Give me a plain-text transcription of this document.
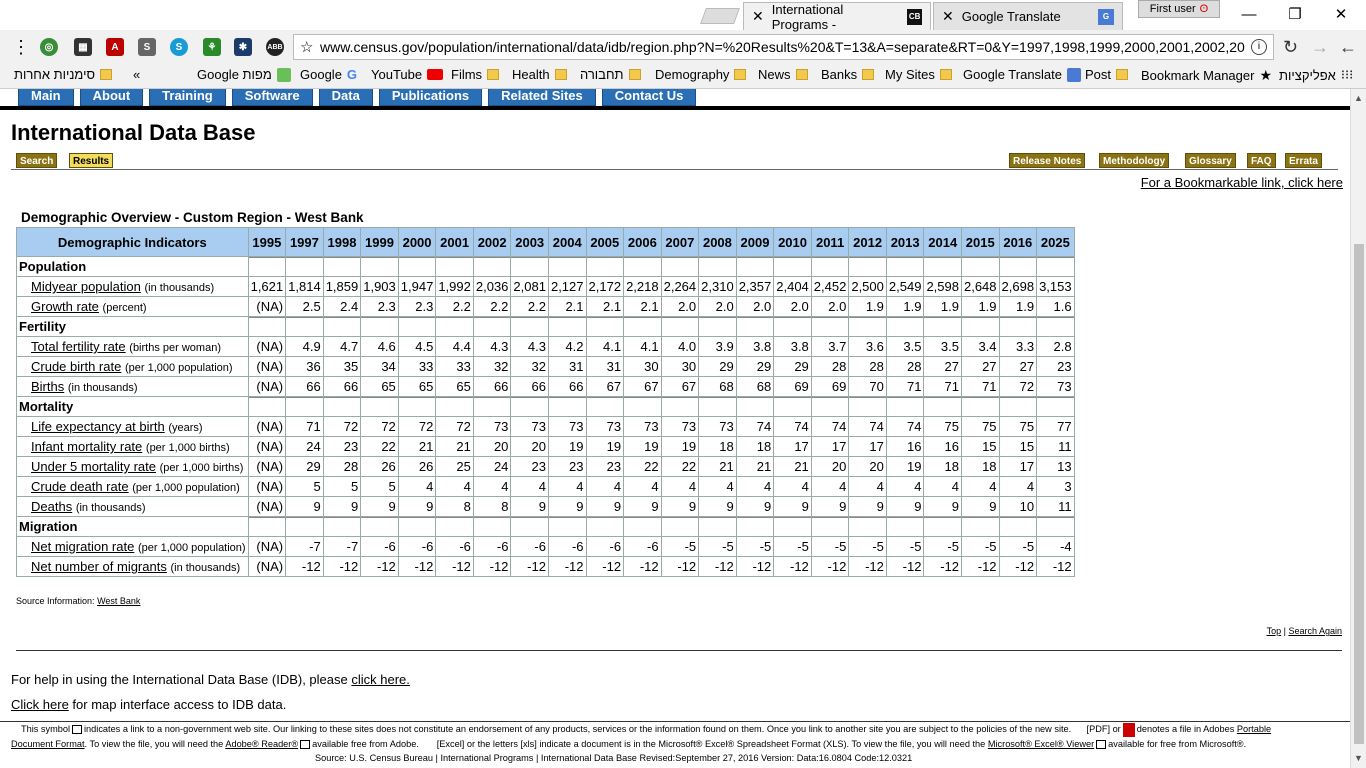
✕ International Programs -	CB ✕ Google Translate	G
First user ʘ	—	❐	✕
⋮	◎	▦	A	S	S	⚘	✱	ABB ☆ www.census.gov/population/international/data/idb/region.php?N=%20Results%20&T=13&A=separate&RT=0&Y=1997,1998,1999,2000,2001,2002,20	i	↻ → ←
סימניות אחרות	«	Google מפות Google G YouTube Films Health תחבורה Demography News Banks My Sites Google Translate Post Bookmark Manager ★ אפליקציות ⁝⁝⁝
Main	About	Training	Software	Data	Publications	Related Sites	Contact Us
International Data Base
Search	Results	Release Notes	Methodology	Glossary	FAQ	Errata
For a Bookmarkable link, click here
Demographic Overview - Custom Region - West Bank
Demographic Indicators	1995	1997	1998	1999	2000	2001	2002	2003	2004	2005	2006	2007	2008	2009	2010	2011	2012	2013	2014	2015	2016	2025
Population																						
Midyear population (in thousands)	1,621	1,814	1,859	1,903	1,947	1,992	2,036	2,081	2,127	2,172	2,218	2,264	2,310	2,357	2,404	2,452	2,500	2,549	2,598	2,648	2,698	3,153
Growth rate (percent)	(NA)	2.5	2.4	2.3	2.3	2.2	2.2	2.2	2.1	2.1	2.1	2.0	2.0	2.0	2.0	2.0	1.9	1.9	1.9	1.9	1.9	1.6
Fertility																						
Total fertility rate (births per woman)	(NA)	4.9	4.7	4.6	4.5	4.4	4.3	4.3	4.2	4.1	4.1	4.0	3.9	3.8	3.8	3.7	3.6	3.5	3.5	3.4	3.3	2.8
Crude birth rate (per 1,000 population)	(NA)	36	35	34	33	33	32	32	31	31	30	30	29	29	29	28	28	28	27	27	27	23
Births (in thousands)	(NA)	66	66	65	65	65	66	66	66	67	67	67	68	68	69	69	70	71	71	71	72	73
Mortality																						
Life expectancy at birth (years)	(NA)	71	72	72	72	72	73	73	73	73	73	73	73	74	74	74	74	74	75	75	75	77
Infant mortality rate (per 1,000 births)	(NA)	24	23	22	21	21	20	20	19	19	19	19	18	18	17	17	17	16	16	15	15	11
Under 5 mortality rate (per 1,000 births)	(NA)	29	28	26	26	25	24	23	23	23	22	22	21	21	21	20	20	19	18	18	17	13
Crude death rate (per 1,000 population)	(NA)	5	5	5	4	4	4	4	4	4	4	4	4	4	4	4	4	4	4	4	4	3
Deaths (in thousands)	(NA)	9	9	9	9	8	8	9	9	9	9	9	9	9	9	9	9	9	9	9	10	11
Migration																						
Net migration rate (per 1,000 population)	(NA)	-7	-7	-6	-6	-6	-6	-6	-6	-6	-6	-5	-5	-5	-5	-5	-5	-5	-5	-5	-5	-4
Net number of migrants (in thousands)	(NA)	-12	-12	-12	-12	-12	-12	-12	-12	-12	-12	-12	-12	-12	-12	-12	-12	-12	-12	-12	-12	-12
Source Information: West Bank
Top | Search Again
For help in using the International Data Base (IDB), please click here.
Click here for map interface access to IDB data.
This symbol indicates a link to a non-government web site. Our linking to these sites does not constitute an endorsement of any products, services or the information found on them. Once you link to another site you are subject to the policies of the new site. [PDF] or denotes a file in Adobes Portable
Document Format. To view the file, you will need the Adobe® Reader® available free from Adobe. [Excel] or the letters [xls] indicate a document is in the Microsoft® Excel® Spreadsheet Format (XLS). To view the file, you will need the Microsoft® Excel® Viewer available for free from Microsoft®.
Source: U.S. Census Bureau | International Programs | International Data Base Revised:September 27, 2016 Version: Data:16.0804 Code:12.0321
▲
▼
